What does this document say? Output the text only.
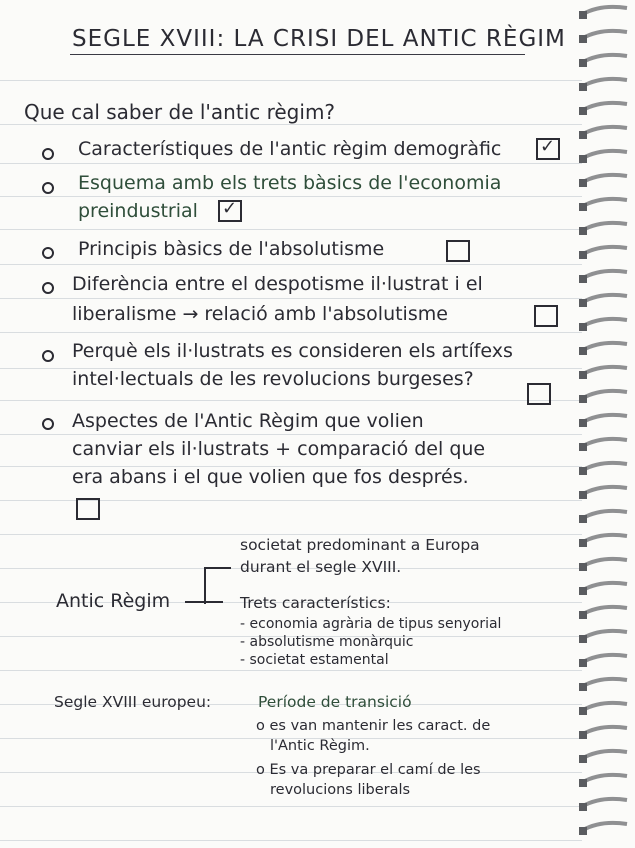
SEGLE XVIII: LA CRISI DEL ANTIC RÈGIM
Que cal saber de l'antic règim?
Característiques de l'antic règim demogràfic
✓
Esquema amb els trets bàsics de l'economia
preindustrial
✓
Principis bàsics de l'absolutisme
Diferència entre el despotisme il·lustrat i el
liberalisme → relació amb l'absolutisme
Perquè els il·lustrats es consideren els artífexs
intel·lectuals de les revolucions burgeses?
Aspectes de l'Antic Règim que volien
canviar els il·lustrats + comparació del que
era abans i el que volien que fos després.
Antic Règim
societat predominant a Europa
durant el segle XVIII.
Trets característics:
- economia agrària de tipus senyorial
- absolutisme monàrquic
- societat estamental
Segle XVIII europeu:	Període de transició
o es van mantenir les caract. de
l'Antic Règim.
o Es va preparar el camí de les
revolucions liberals
